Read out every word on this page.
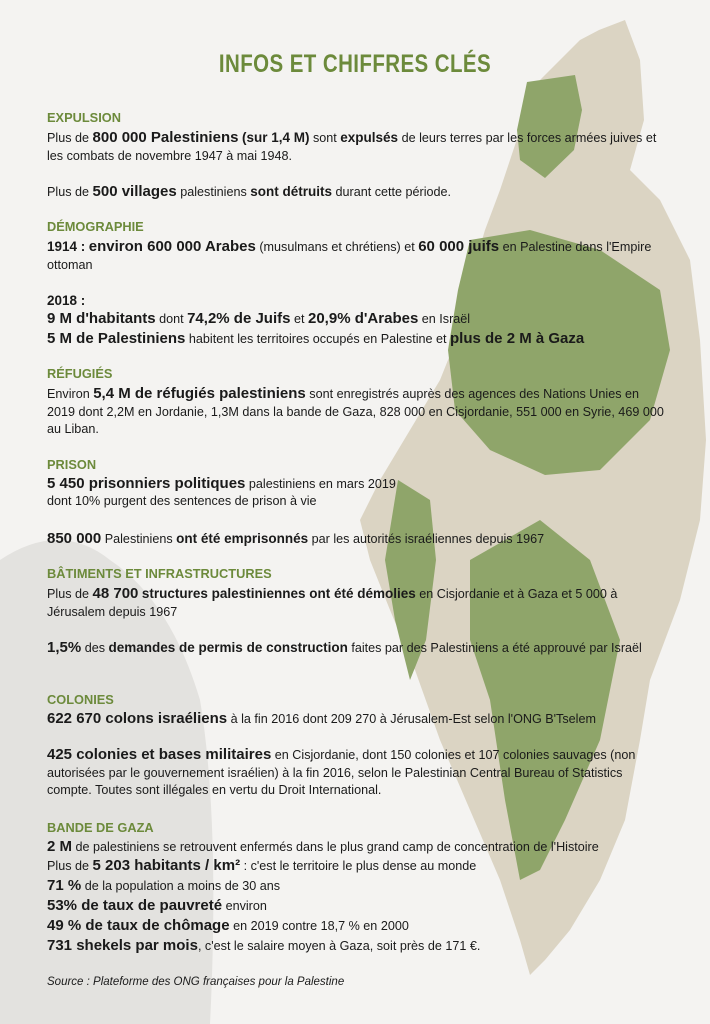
INFOS ET CHIFFRES CLÉS
EXPULSION
Plus de 800 000 Palestiniens (sur 1,4 M) sont expulsés de leurs terres par les forces armées juives et les combats de novembre 1947 à mai 1948.
Plus de 500 villages palestiniens sont détruits durant cette période.
DÉMOGRAPHIE
1914 : environ 600 000 Arabes (musulmans et chrétiens) et 60 000 juifs en Palestine dans l'Empire ottoman
2018 :
9 M d'habitants dont 74,2% de Juifs et 20,9% d'Arabes en Israël
5 M de Palestiniens habitent les territoires occupés en Palestine et plus de 2 M à Gaza
RÉFUGIÉS
Environ 5,4 M de réfugiés palestiniens sont enregistrés auprès des agences des Nations Unies en 2019 dont 2,2M en Jordanie, 1,3M dans la bande de Gaza, 828 000 en Cisjordanie, 551 000 en Syrie, 469 000 au Liban.
PRISON
5 450 prisonniers politiques palestiniens en mars 2019
dont 10% purgent des sentences de prison à vie
850 000 Palestiniens ont été emprisonnés par les autorités israéliennes depuis 1967
BÂTIMENTS ET INFRASTRUCTURES
Plus de 48 700 structures palestiniennes ont été démolies en Cisjordanie et à Gaza et 5 000 à Jérusalem depuis 1967
1,5% des demandes de permis de construction faites par des Palestiniens a été approuvé par Israël
COLONIES
622 670 colons israéliens à la fin 2016 dont 209 270 à Jérusalem-Est selon l'ONG B'Tselem
425 colonies et bases militaires en Cisjordanie, dont 150 colonies et 107 colonies sauvages (non autorisées par le gouvernement israélien) à la fin 2016, selon le Palestinian Central Bureau of Statistics compte. Toutes sont illégales en vertu du Droit International.
BANDE DE GAZA
2 M de palestiniens se retrouvent enfermés dans le plus grand camp de concentration de l'Histoire
Plus de 5 203 habitants / km² : c'est le territoire le plus dense au monde
71 % de la population a moins de 30 ans
53% de taux de pauvreté environ
49 % de taux de chômage en 2019 contre 18,7 % en 2000
731 shekels par mois, c'est le salaire moyen à Gaza, soit près de 171 €.
Source : Plateforme des ONG françaises pour la Palestine
